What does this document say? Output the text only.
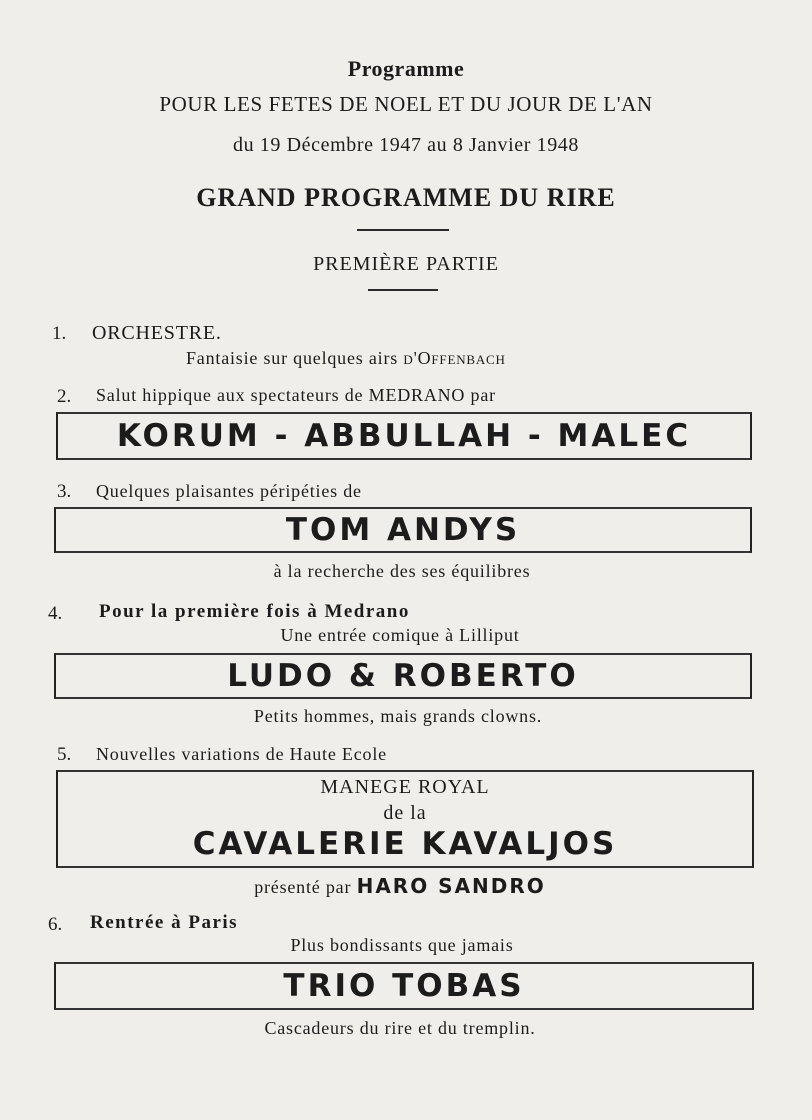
Programme
POUR LES FETES DE NOEL ET DU JOUR DE L'AN
du 19 Décembre 1947 au 8 Janvier 1948
GRAND PROGRAMME DU RIRE
PREMIÈRE PARTIE
1. ORCHESTRE.
Fantaisie sur quelques airs d'Offenbach
2. Salut hippique aux spectateurs de MEDRANO par
KORUM - ABBULLAH - MALEC
3. Quelques plaisantes péripéties de
TOM ANDYS
à la recherche des ses équilibres
4. Pour la première fois à Medrano
Une entrée comique à Lilliput
LUDO & ROBERTO
Petits hommes, mais grands clowns.
5. Nouvelles variations de Haute Ecole
MANEGE ROYAL
de la
CAVALERIE KAVALJOS
présenté par HARO SANDRO
6. Rentrée à Paris
Plus bondissants que jamais
TRIO TOBAS
Cascadeurs du rire et du tremplin.
